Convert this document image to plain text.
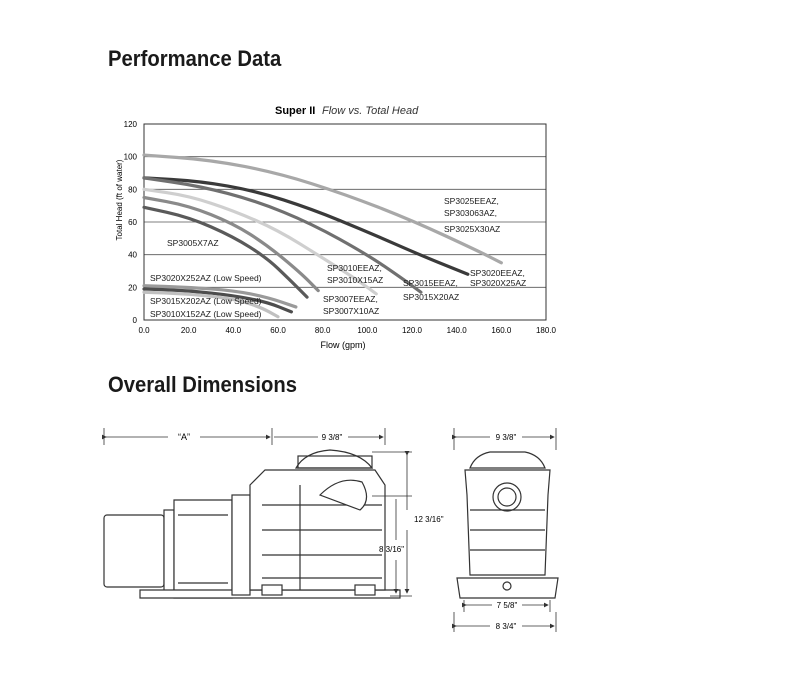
Performance Data
Super II Flow vs. Total Head
0.0	20.0	40.0	60.0	80.0	100.0	120.0	140.0	160.0	180.0
0
20
40
60
80
100
120
SP3025EEAZ,
SP303063AZ,
SP3025X30AZ
SP3020EEAZ,
SP3020X25AZ
SP3015EEAZ,
SP3015X20AZ
SP3010EEAZ,
SP3010X15AZ
SP3007EEAZ,
SP3007X10AZ
SP3005X7AZ
SP3020X252AZ (Low Speed)
SP3015X202AZ (Low Speed)
SP3010X152AZ (Low Speed)
Flow (gpm)
Total Head (ft of water)
Overall Dimensions
“A”	9 3/8"
12 3/16"
8 3/16"
9 3/8"
7 5/8"
8 3/4"
